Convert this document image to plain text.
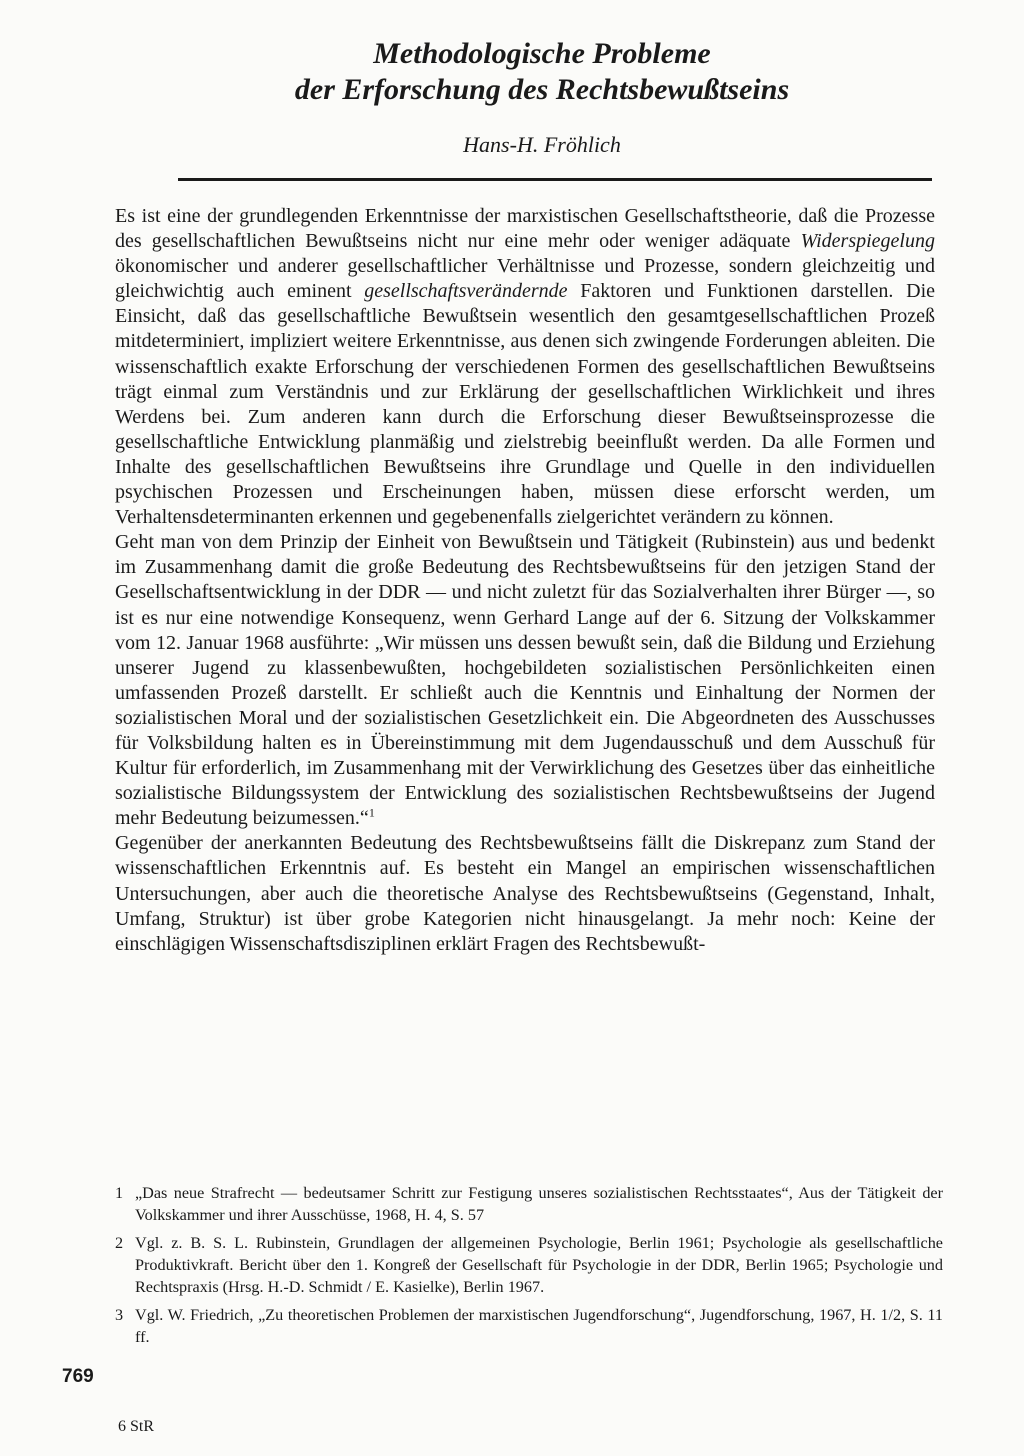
Methodologische Probleme
der Erforschung des Rechtsbewußtseins
Hans-H. Fröhlich

Es ist eine der grundlegenden Erkenntnisse der marxistischen Gesellschaftstheorie, daß die Prozesse des gesellschaftlichen Bewußtseins nicht nur eine mehr oder weniger adäquate Widerspiegelung ökonomischer und anderer gesellschaftlicher Verhältnisse und Prozesse, sondern gleichzeitig und gleichwichtig auch eminent gesellschaftsverändernde Faktoren und Funktionen darstellen. Die Einsicht, daß das gesellschaftliche Bewußtsein wesentlich den gesamtgesellschaftlichen Prozeß mitdeterminiert, impliziert weitere Erkenntnisse, aus denen sich zwingende Forderungen ableiten. Die wissenschaftlich exakte Erforschung der verschiedenen Formen des gesellschaftlichen Bewußtseins trägt einmal zum Verständnis und zur Erklärung der gesellschaftlichen Wirklichkeit und ihres Werdens bei. Zum anderen kann durch die Erforschung dieser Bewußtseinsprozesse die gesellschaftliche Entwicklung planmäßig und zielstrebig beeinflußt werden. Da alle Formen und Inhalte des gesellschaftlichen Bewußtseins ihre Grundlage und Quelle in den individuellen psychischen Prozessen und Erscheinungen haben, müssen diese erforscht werden, um Verhaltensdeterminanten erkennen und gegebenenfalls zielgerichtet verändern zu können.

Geht man von dem Prinzip der Einheit von Bewußtsein und Tätigkeit (Rubinstein) aus und bedenkt im Zusammenhang damit die große Bedeutung des Rechtsbewußtseins für den jetzigen Stand der Gesellschaftsentwicklung in der DDR — und nicht zuletzt für das Sozialverhalten ihrer Bürger —, so ist es nur eine notwendige Konsequenz, wenn Gerhard Lange auf der 6. Sitzung der Volkskammer vom 12. Januar 1968 ausführte: „Wir müssen uns dessen bewußt sein, daß die Bildung und Erziehung unserer Jugend zu klassenbewußten, hochgebildeten sozialistischen Persönlichkeiten einen umfassenden Prozeß darstellt. Er schließt auch die Kenntnis und Einhaltung der Normen der sozialistischen Moral und der sozialistischen Gesetzlichkeit ein. Die Abgeordneten des Ausschusses für Volksbildung halten es in Übereinstimmung mit dem Jugendausschuß und dem Ausschuß für Kultur für erforderlich, im Zusammenhang mit der Verwirklichung des Gesetzes über das einheitliche sozialistische Bildungssystem der Entwicklung des sozialistischen Rechtsbewußtseins der Jugend mehr Bedeutung beizumessen.“$^1$

Gegenüber der anerkannten Bedeutung des Rechtsbewußtseins fällt die Diskrepanz zum Stand der wissenschaftlichen Erkenntnis auf. Es besteht ein Mangel an empirischen wissenschaftlichen Untersuchungen, aber auch die theoretische Analyse des Rechtsbewußtseins (Gegenstand, Inhalt, Umfang, Struktur) ist über grobe Kategorien nicht hinausgelangt. Ja mehr noch: Keine der einschlägigen Wissenschaftsdisziplinen erklärt Fragen des Rechtsbewußt-

1 „Das neue Strafrecht — bedeutsamer Schritt zur Festigung unseres sozialistischen Rechtsstaates“, Aus der Tätigkeit der Volkskammer und ihrer Ausschüsse, 1968, H. 4, S. 57
2 Vgl. z. B. S. L. Rubinstein, Grundlagen der allgemeinen Psychologie, Berlin 1961; Psychologie als gesellschaftliche Produktivkraft. Bericht über den 1. Kongreß der Gesellschaft für Psychologie in der DDR, Berlin 1965; Psychologie und Rechtspraxis (Hrsg. H.-D. Schmidt / E. Kasielke), Berlin 1967.
3 Vgl. W. Friedrich, „Zu theoretischen Problemen der marxistischen Jugendforschung“, Jugendforschung, 1967, H. 1/2, S. 11 ff.
769
6 StR
